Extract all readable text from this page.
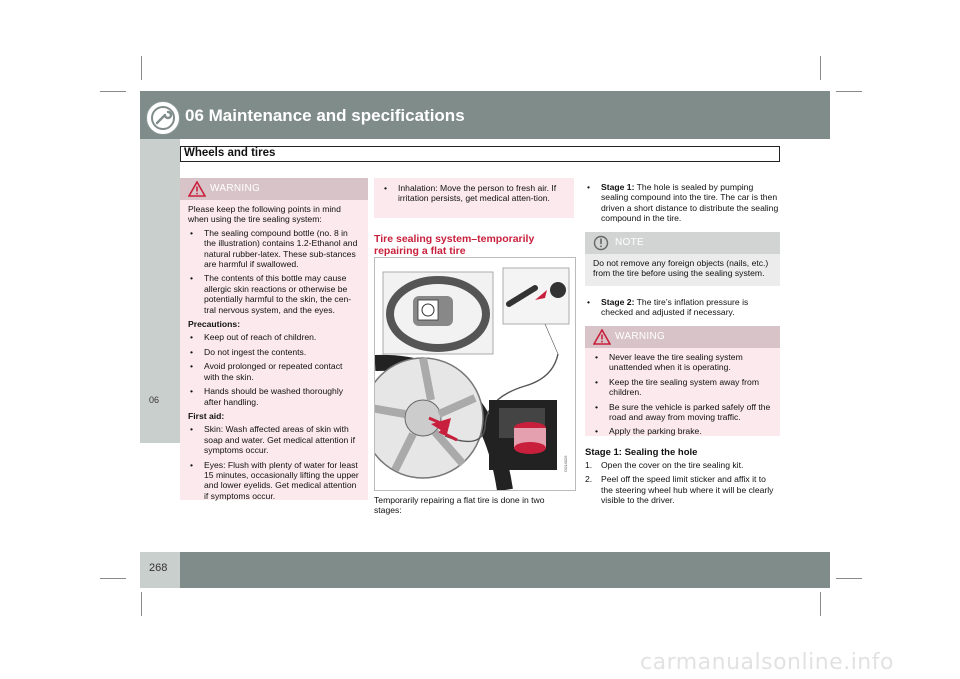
06 Maintenance and specifications
Wheels and tires
06
WARNING

Please keep the following points in mind when using the tire sealing system:

• The sealing compound bottle (no. 8 in the illustration) contains 1.2-Ethanol and natural rubber-latex. These sub-stances are harmful if swallowed.
• The contents of this bottle may cause allergic skin reactions or otherwise be potentially harmful to the skin, the cen-tral nervous system, and the eyes.

Precautions:

• Keep out of reach of children.
• Do not ingest the contents.
• Avoid prolonged or repeated contact with the skin.
• Hands should be washed thoroughly after handling.

First aid:

• Skin: Wash affected areas of skin with soap and water. Get medical attention if symptoms occur.
• Eyes: Flush with plenty of water for least 15 minutes, occasionally lifting the upper and lower eyelids. Get medical attention if symptoms occur.
• Inhalation: Move the person to fresh air. If irritation persists, get medical atten-tion.
Tire sealing system–temporarily repairing a flat tire
G014026
Temporarily repairing a flat tire is done in two stages:
• Stage 1: The hole is sealed by pumping sealing compound into the tire. The car is then driven a short distance to distribute the sealing compound in the tire.
NOTE

Do not remove any foreign objects (nails, etc.) from the tire before using the sealing system.

• Stage 2: The tire’s inflation pressure is checked and adjusted if necessary.
WARNING
• Never leave the tire sealing system unattended when it is operating.
• Keep the tire sealing system away from children.
• Be sure the vehicle is parked safely off the road and away from moving traffic.
• Apply the parking brake.
Stage 1: Sealing the hole
1. Open the cover on the tire sealing kit.
2. Peel off the speed limit sticker and affix it to the steering wheel hub where it will be clearly visible to the driver.
268
carmanualsonline.info
